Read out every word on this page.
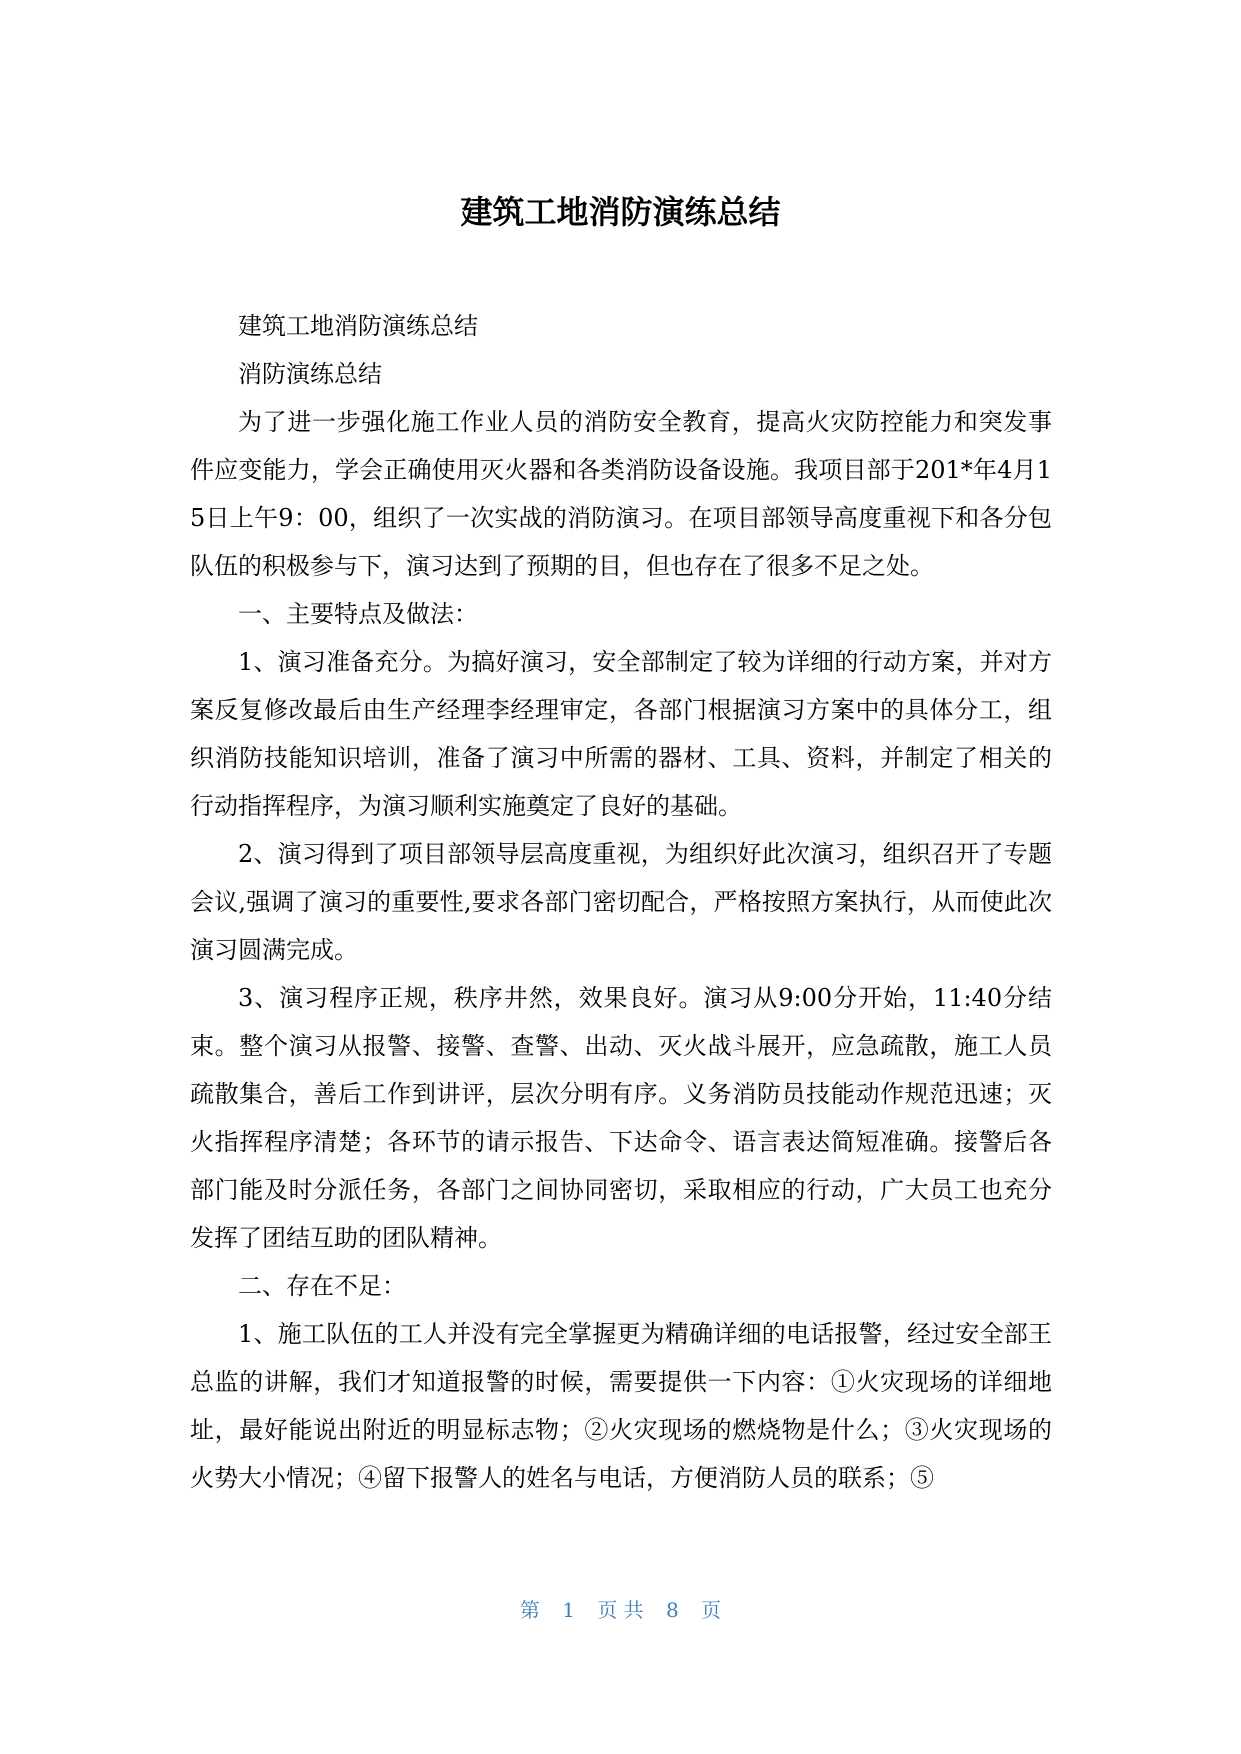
建筑工地消防演练总结

建筑工地消防演练总结

消防演练总结

为了进一步强化施工作业人员的消防安全教育，提高火灾防控能力和突发事件应变能力，学会正确使用灭火器和各类消防设备设施。我项目部于201*年4月15日上午9：00，组织了一次实战的消防演习。在项目部领导高度重视下和各分包队伍的积极参与下，演习达到了预期的目，但也存在了很多不足之处。

一、主要特点及做法：

1、演习准备充分。为搞好演习，安全部制定了较为详细的行动方案，并对方案反复修改最后由生产经理李经理审定，各部门根据演习方案中的具体分工，组织消防技能知识培训，准备了演习中所需的器材、工具、资料，并制定了相关的行动指挥程序，为演习顺利实施奠定了良好的基础。

2、演习得到了项目部领导层高度重视，为组织好此次演习，组织召开了专题会议,强调了演习的重要性,要求各部门密切配合，严格按照方案执行，从而使此次演习圆满完成。

3、演习程序正规，秩序井然，效果良好。演习从9:00分开始，11:40分结束。整个演习从报警、接警、查警、出动、灭火战斗展开，应急疏散，施工人员疏散集合，善后工作到讲评，层次分明有序。义务消防员技能动作规范迅速；灭火指挥程序清楚；各环节的请示报告、下达命令、语言表达简短准确。接警后各部门能及时分派任务，各部门之间协同密切，采取相应的行动，广大员工也充分发挥了团结互助的团队精神。

二、存在不足：

1、施工队伍的工人并没有完全掌握更为精确详细的电话报警，经过安全部王总监的讲解，我们才知道报警的时候，需要提供一下内容：①火灾现场的详细地址，最好能说出附近的明显标志物；②火灾现场的燃烧物是什么；③火灾现场的火势大小情况；④留下报警人的姓名与电话，方便消防人员的联系；⑤

第 1 页 共 8 页
